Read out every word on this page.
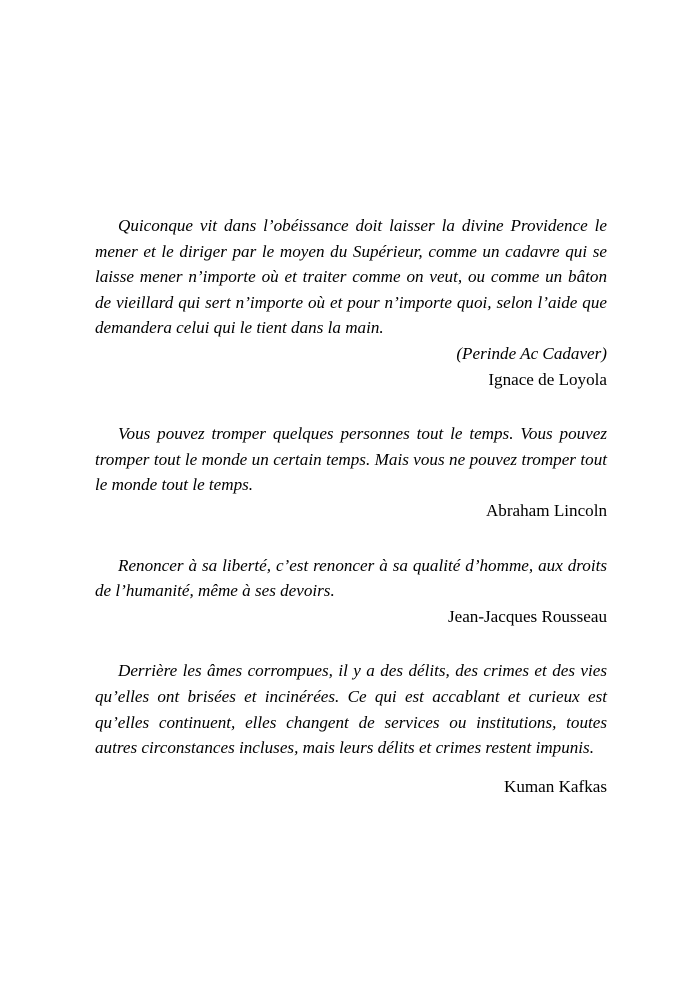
Quiconque vit dans l’obéissance doit laisser la divine Providence le mener et le diriger par le moyen du Supérieur, comme un cadavre qui se laisse mener n’importe où et traiter comme on veut, ou comme un bâton de vieillard qui sert n’importe où et pour n’importe quoi, selon l’aide que demandera celui qui le tient dans la main.

(Perinde Ac Cadaver)

Ignace de Loyola

Vous pouvez tromper quelques personnes tout le temps. Vous pouvez tromper tout le monde un certain temps. Mais vous ne pouvez tromper tout le monde tout le temps.

Abraham Lincoln

Renoncer à sa liberté, c’est renoncer à sa qualité d’homme, aux droits de l’humanité, même à ses devoirs.

Jean-Jacques Rousseau

Derrière les âmes corrompues, il y a des délits, des crimes et des vies qu’elles ont brisées et incinérées. Ce qui est accablant et curieux est qu’elles continuent, elles changent de services ou institutions, toutes autres circonstances incluses, mais leurs délits et crimes restent impunis.

Kuman Kafkas
